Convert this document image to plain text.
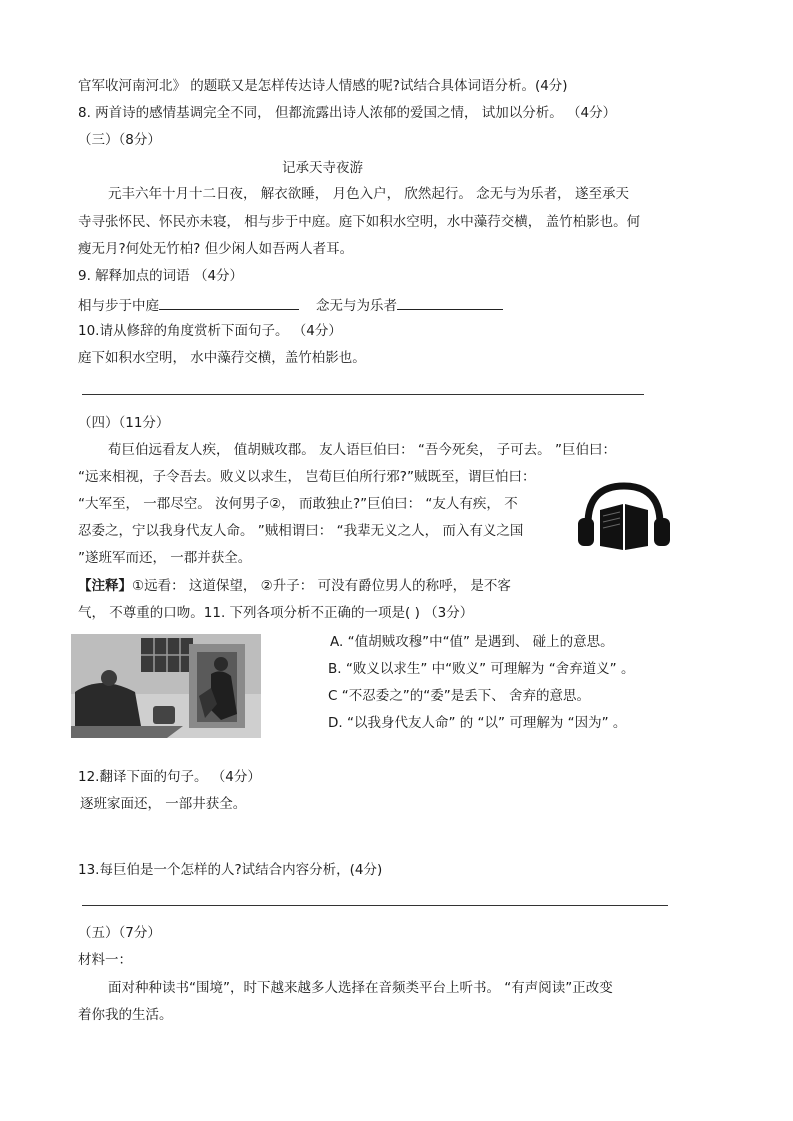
官军收河南河北》 的题联又是怎样传达诗人情感的呢?试结合具体词语分析。(4分)
8. 两首诗的感情基调完全不同， 但都流露出诗人浓郁的爱国之情， 试加以分析。 （4分）
（三）（8分）
记承天寺夜游
元丰六年十月十二日夜， 解衣欲睡， 月色入户， 欣然起行。 念无与为乐者， 遂至承天
寺寻张怀民、怀民亦未寝， 相与步于中庭。庭下如积水空明，水中藻荇交横， 盖竹柏影也。何
瘦无月?何处无竹柏? 但少闲人如吾两人者耳。
9. 解释加点的词语 （4分）
相与步于中庭	念无与为乐者
10.请从修辞的角度赏析下面句子。 （4分）
庭下如积水空明， 水中藻荇交横，盖竹柏影也。
（四）（11分）
荀巨伯远看友人疾， 值胡贼攻郡。 友人语巨伯曰： “吾今死矣， 子可去。 ”巨伯曰：
“远来相视，子令吾去。败义以求生， 岂荀巨伯所行邪?”贼既至，谓巨怕曰：
“大军至， 一郡尽空。 汝何男子②， 而敢独止?”巨伯曰： “友人有疾， 不
忍委之，宁以我身代友人命。 ”贼相谓曰： “我辈无义之人， 而入有义之国
”遂班军而还， 一郡并获全。
【注释】①远看： 这道保望， ②升子： 可没有爵位男人的称呼， 是不客
气， 不尊重的口吻。11. 下列各项分析不正确的一项是( ) （3分）
A. “值胡贼攻穆”中“值” 是遇到、 碰上的意思。
B. “败义以求生” 中“败义” 可理解为 “舍弃道义” 。
C “不忍委之”的“委”是丢下、 舍弃的意思。
D. “以我身代友人命” 的 “以” 可理解为 “因为” 。
12.翻译下面的句子。 （4分）
逐班家面还， 一部井获全。
13.每巨伯是一个怎样的人?试结合内容分析，(4分)
（五）（7分）
材料一：
面对种种读书“围境”，时下越来越多人选择在音频类平台上听书。 “有声阅读”正改变
着你我的生活。
